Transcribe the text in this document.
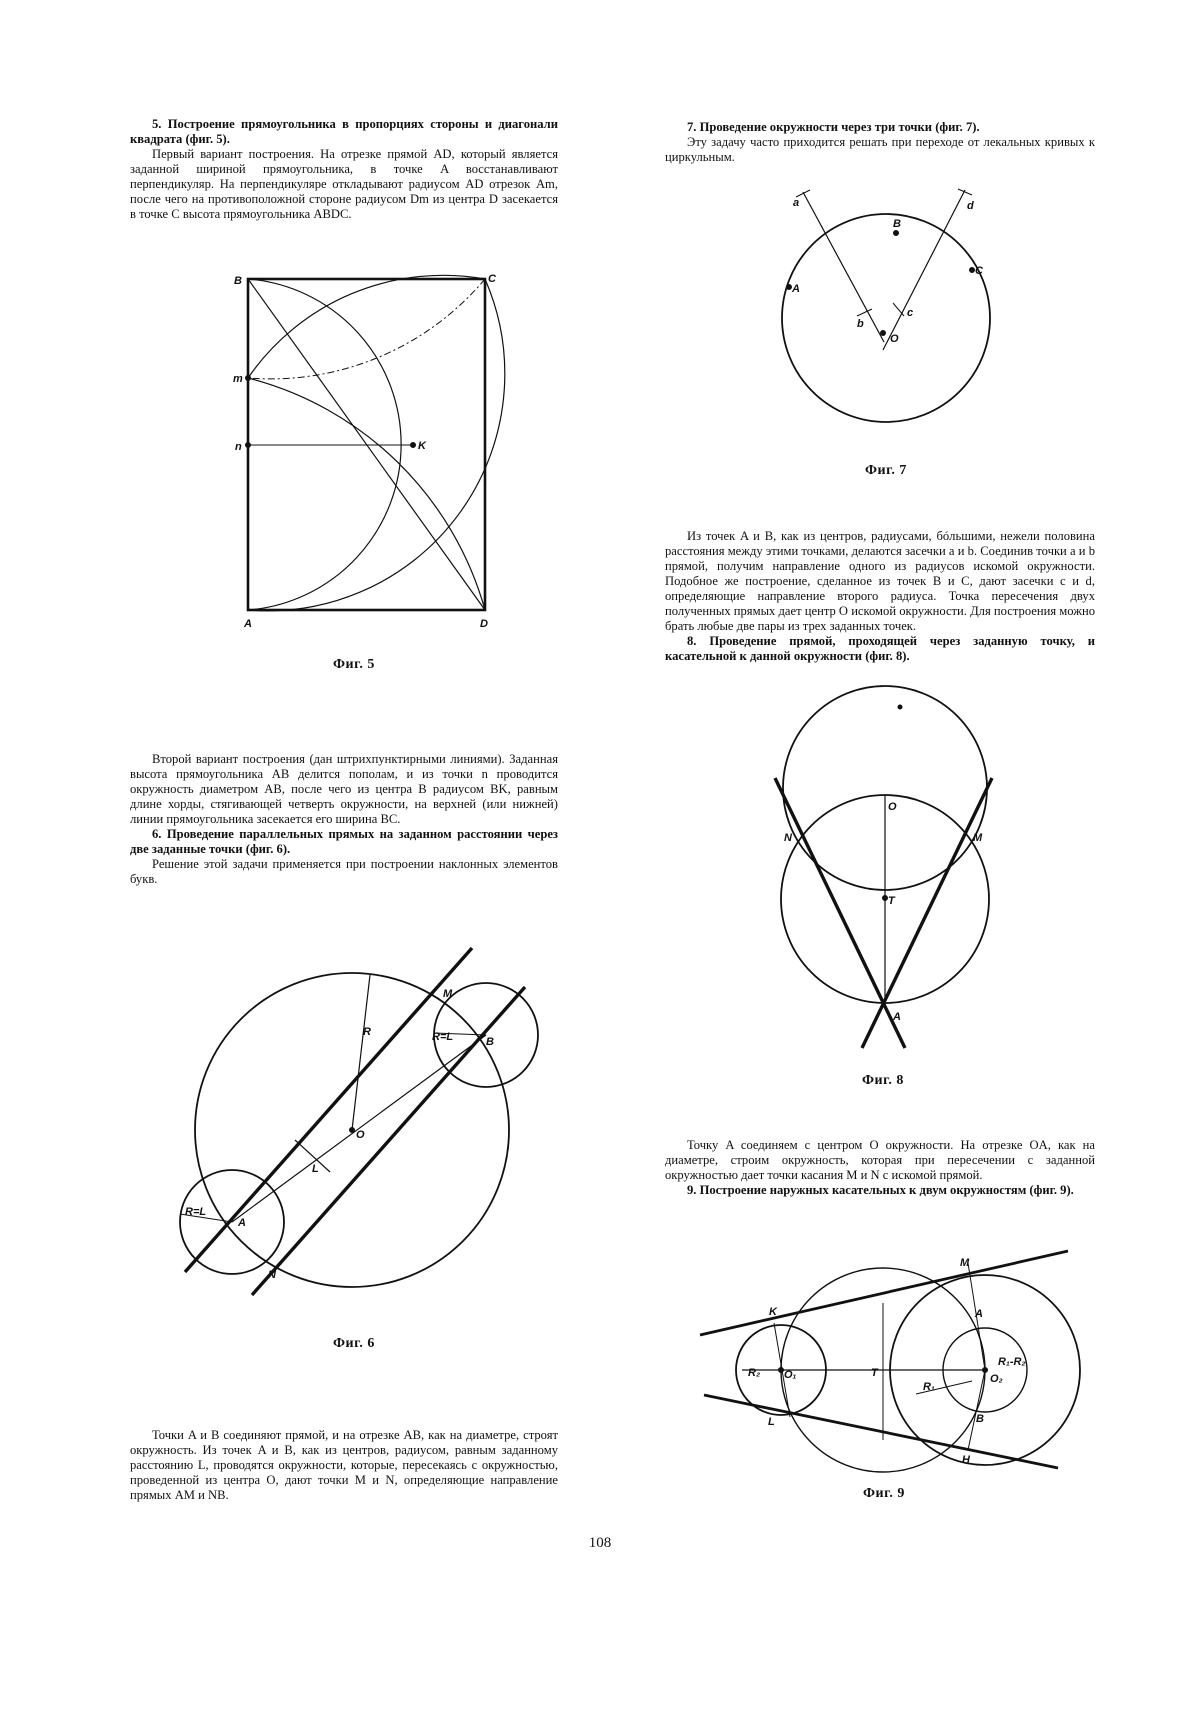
5. Построение прямоугольника в пропорциях стороны и диагонали квадрата (фиг. 5).

Первый вариант построения. На отрезке прямой AD, который является заданной шириной прямоугольника, в точке A восстанавливают перпендикуляр. На перпендикуляре откладывают радиусом AD отрезок Am, после чего на противоположной стороне радиусом Dm из центра D засекается в точке C высота прямоугольника ABDC.

Второй вариант построения (дан штрихпунктирными линиями). Заданная высота прямоугольника AB делится пополам, и из точки n проводится окружность диаметром AB, после чего из центра B радиусом BK, равным длине хорды, стягивающей четверть окружности, на верхней (или нижней) линии прямоугольника засекается его ширина BC.

6. Проведение параллельных прямых на заданном расстоянии через две заданные точки (фиг. 6).

Решение этой задачи применяется при построении наклонных элементов букв.

Точки A и B соединяют прямой, и на отрезке AB, как на диаметре, строят окружность. Из точек A и B, как из центров, радиусом, равным заданному расстоянию L, проводятся окружности, которые, пересекаясь с окружностью, проведенной из центра O, дают точки M и N, определяющие направление прямых AM и NB.

7. Проведение окружности через три точки (фиг. 7).

Эту задачу часто приходится решать при переходе от лекальных кривых к циркульным.

Из точек A и B, как из центров, радиусами, бóльшими, нежели половина расстояния между этими точками, делаются засечки a и b. Соединив точки a и b прямой, получим направление одного из радиусов искомой окружности. Подобное же построение, сделанное из точек B и C, дают засечки c и d, определяющие направление второго радиуса. Точка пересечения двух полученных прямых дает центр O искомой окружности. Для построения можно брать любые две пары из трех заданных точек.

8. Проведение прямой, проходящей через заданную точку, и касательной к данной окружности (фиг. 8).

Точку A соединяем с центром O окружности. На отрезке OA, как на диаметре, строим окружность, которая при пересечении с заданной окружностью дает точки касания M и N с искомой прямой.

9. Построение наружных касательных к двум окружностям (фиг. 9).

B	C
m
n	K
A	D
Фиг. 5
M
B
R	R=L
O
L
R=L
A
N
Фиг. 6
a	d
B
A
C
b
c
O
Фиг. 7
O
N	M
T
A
Фиг. 8
K
M
A
R₂ O₁	T
R₁
O₂
R₁-R₂
L	B
H
Фиг. 9
108
